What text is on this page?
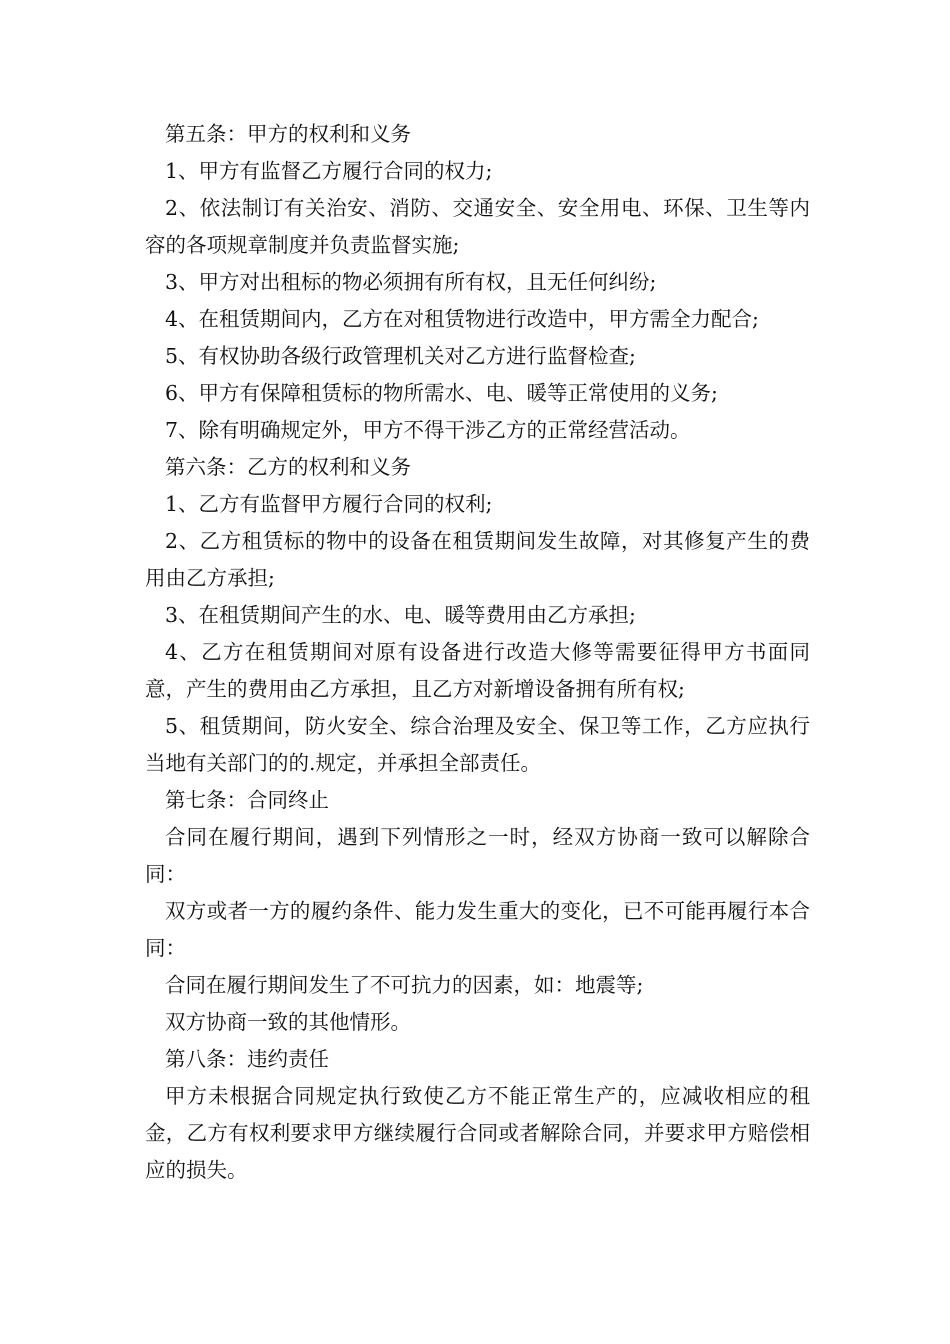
第五条：甲方的权利和义务

1、甲方有监督乙方履行合同的权力;

2、依法制订有关治安、消防、交通安全、安全用电、环保、卫生等内容的各项规章制度并负责监督实施;

3、甲方对出租标的物必须拥有所有权，且无任何纠纷;

4、在租赁期间内，乙方在对租赁物进行改造中，甲方需全力配合;

5、有权协助各级行政管理机关对乙方进行监督检查;

6、甲方有保障租赁标的物所需水、电、暖等正常使用的义务;

7、除有明确规定外，甲方不得干涉乙方的正常经营活动。

第六条：乙方的权利和义务

1、乙方有监督甲方履行合同的权利;

2、乙方租赁标的物中的设备在租赁期间发生故障，对其修复产生的费用由乙方承担;

3、在租赁期间产生的水、电、暖等费用由乙方承担;

4、乙方在租赁期间对原有设备进行改造大修等需要征得甲方书面同意，产生的费用由乙方承担，且乙方对新增设备拥有所有权;

5、租赁期间，防火安全、综合治理及安全、保卫等工作，乙方应执行当地有关部门的的.规定，并承担全部责任。

第七条：合同终止

合同在履行期间，遇到下列情形之一时，经双方协商一致可以解除合同：

双方或者一方的履约条件、能力发生重大的变化，已不可能再履行本合同：

合同在履行期间发生了不可抗力的因素，如：地震等;

双方协商一致的其他情形。

第八条：违约责任

甲方未根据合同规定执行致使乙方不能正常生产的，应减收相应的租金，乙方有权利要求甲方继续履行合同或者解除合同，并要求甲方赔偿相应的损失。
